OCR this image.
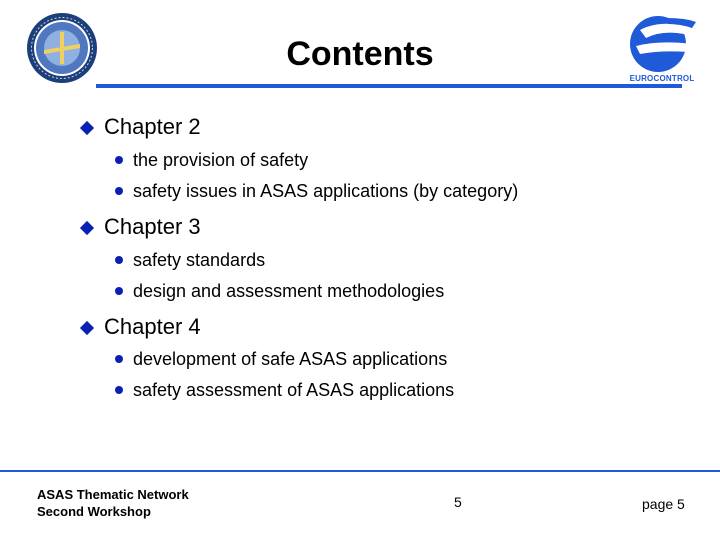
Contents
EUROCONTROL
Chapter 2
the provision of safety
safety issues in ASAS applications (by category)
Chapter 3
safety standards
design and assessment methodologies
Chapter 4
development of safe ASAS applications
safety assessment of ASAS applications
ASAS Thematic Network
Second Workshop
5	page 5
